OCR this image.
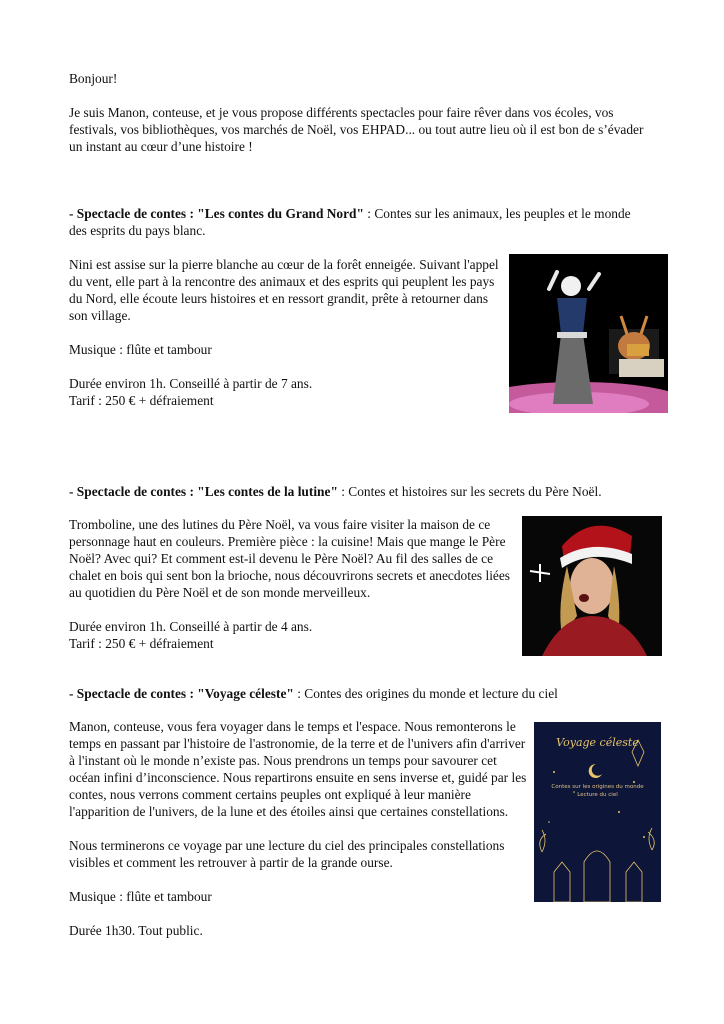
Bonjour!

Je suis Manon, conteuse, et je vous propose différents spectacles pour faire rêver dans vos écoles, vos festivals, vos bibliothèques, vos marchés de Noël, vos EHPAD... ou tout autre lieu où il est bon de s’évader un instant au cœur d’une histoire !

- Spectacle de contes : "Les contes du Grand Nord" : Contes sur les animaux, les peuples et le monde des esprits du pays blanc.

Nini est assise sur la pierre blanche au cœur de la forêt enneigée. Suivant l'appel du vent, elle part à la rencontre des animaux et des esprits qui peuplent les pays du Nord, elle écoute leurs histoires et en ressort grandit, prête à retourner dans son village.

Musique : flûte et tambour

Durée environ 1h. Conseillé à partir de 7 ans.

Tarif : 250 € + défraiement

- Spectacle de contes : "Les contes de la lutine" : Contes et histoires sur les secrets du Père Noël.

Tromboline, une des lutines du Père Noël, va vous faire visiter la maison de ce personnage haut en couleurs. Première pièce : la cuisine! Mais que mange le Père Noël? Avec qui? Et comment est-il devenu le Père Noël? Au fil des salles de ce chalet en bois qui sent bon la brioche, nous découvrirons secrets et anecdotes liées au quotidien du Père Noël et de son monde merveilleux.

Durée environ 1h. Conseillé à partir de 4 ans.

Tarif : 250 € + défraiement

- Spectacle de contes : "Voyage céleste" : Contes des origines du monde et lecture du ciel

Manon, conteuse, vous fera voyager dans le temps et l'espace. Nous remonterons le temps en passant par l'histoire de l'astronomie, de la terre et de l'univers afin d'arriver à l'instant où le monde n’existe pas. Nous prendrons un temps pour savourer cet océan infini d’inconscience. Nous repartirons ensuite en sens inverse et, guidé par les contes, nous verrons comment certains peuples ont expliqué à leur manière l'apparition de l'univers, de la lune et des étoiles ainsi que certaines constellations.

Nous terminerons ce voyage par une lecture du ciel des principales constellations visibles et comment les retrouver à partir de la grande ourse.

Musique : flûte et tambour

Durée 1h30. Tout public.

Voyage céleste
Contes sur les origines du monde
Lecture du ciel
